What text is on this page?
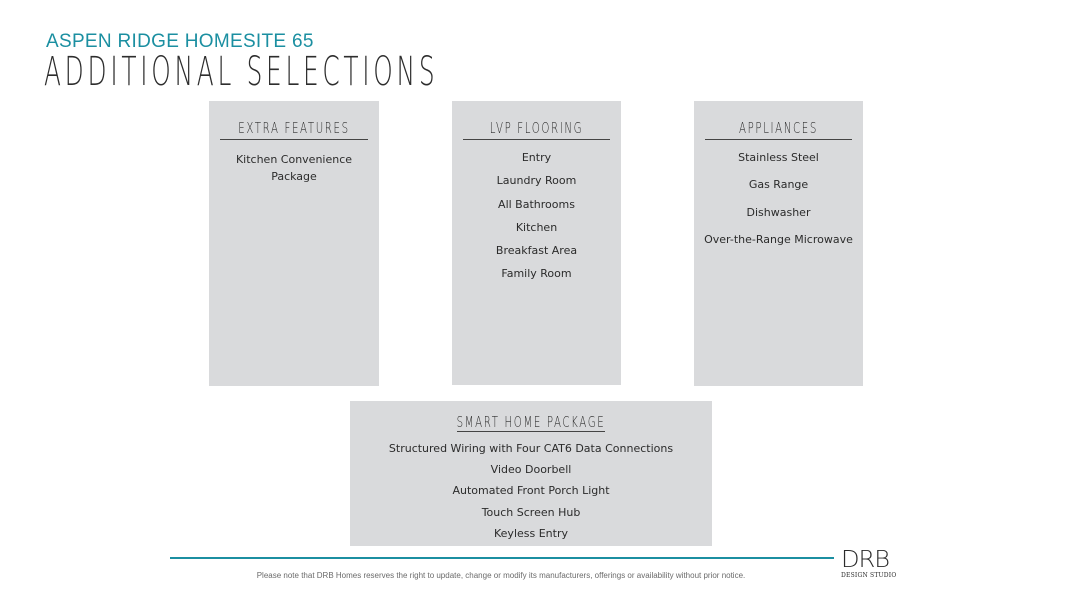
ASPEN RIDGE HOMESITE 65
ADDITIONAL SELECTIONS
EXTRA FEATURES
Kitchen Convenience Package
LVP FLOORING
Entry
Laundry Room
All Bathrooms
Kitchen
Breakfast Area
Family Room
APPLIANCES
Stainless Steel
Gas Range
Dishwasher
Over-the-Range Microwave
SMART HOME PACKAGE
Structured Wiring with Four CAT6 Data Connections
Video Doorbell
Automated Front Porch Light
Touch Screen Hub
Keyless Entry
Please note that DRB Homes reserves the right to update, change or modify its manufacturers, offerings or availability without prior notice.
DRB
DESIGN STUDIO
